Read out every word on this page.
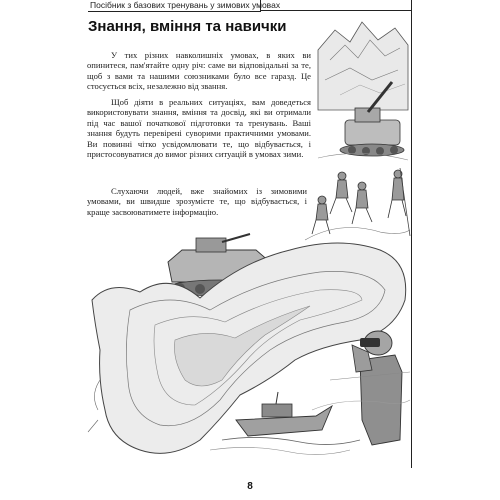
Посібник з базових тренувань у зимових умовах
Знання, вміння та навички

У тих різних навколишніх умовах, в яких ви опинитеся, пам'ятайте одну річ: саме ви відповідальні за те, щоб з вами та нашими союзниками було все гаразд. Це стосується всіх, незалежно від звання.

Щоб діяти в реальних ситуаціях, вам доведеться використовувати знання, вміння та досвід, які ви отримали під час вашої початкової підготовки та тренувань. Ваші знання будуть перевірені суворими практичними умовами. Ви повинні чітко усвідомлювати те, що відбувається, і пристосовуватися до вимог різних ситуацій в умовах зими.

Слухаючи людей, вже знайомих із зимовими умовами, ви швидше зрозумієте те, що відбувається, і краще засвоюватимете інформацію.

8
